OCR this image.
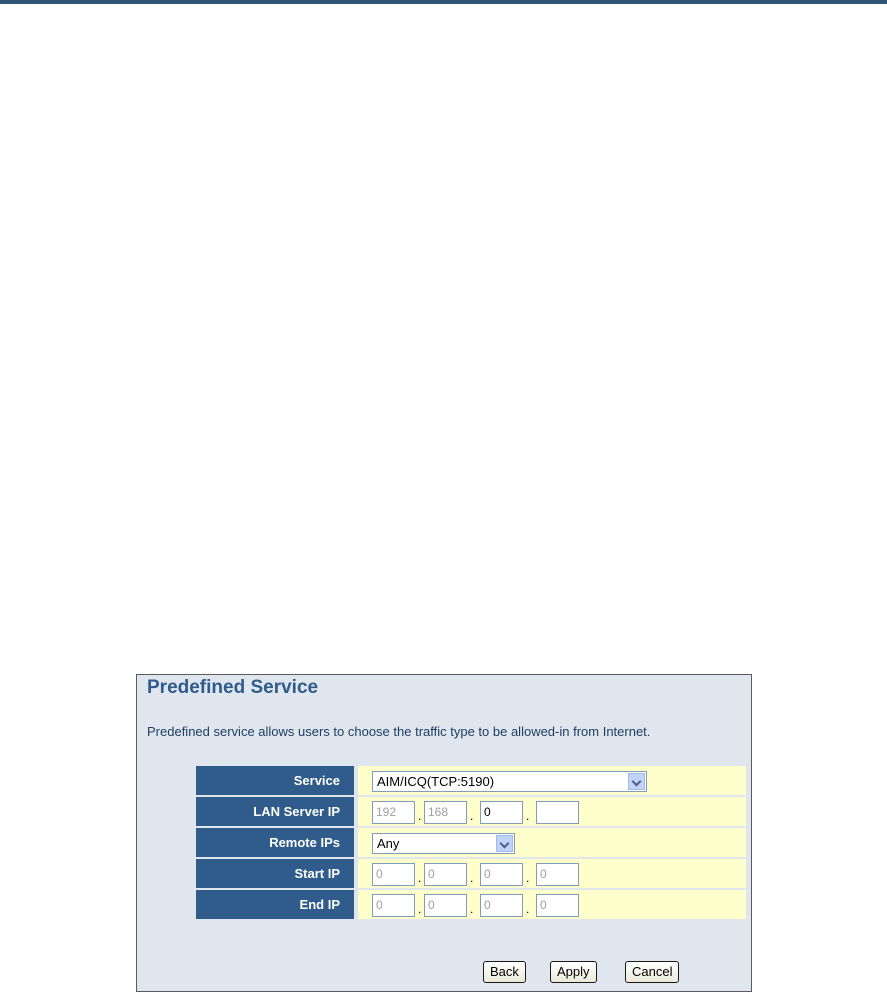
Predefined Service
Predefined service allows users to choose the traffic type to be allowed-in from Internet.
Service	AIM/ICQ(TCP:5190)
LAN Server IP	192	. 168	. 0	.
Remote IPs	Any
Start IP	0	. 0	. 0	. 0
End IP	0	. 0	. 0	. 0
Back	Apply	Cancel
